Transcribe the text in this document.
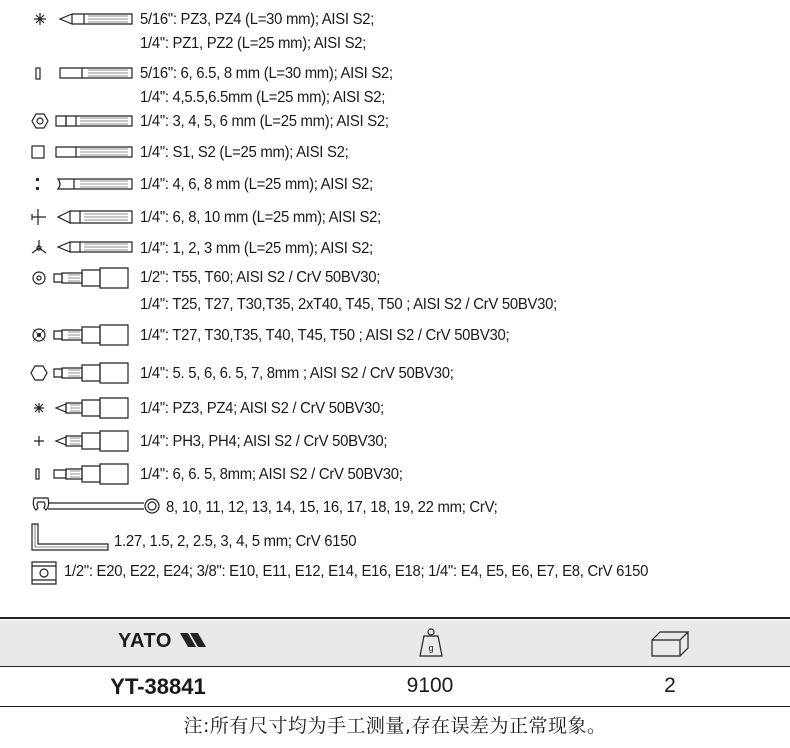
5/16": PZ3, PZ4 (L=30 mm); AISI S2;
1/4": PZ1, PZ2 (L=25 mm); AISI S2;
5/16": 6, 6.5, 8 mm (L=30 mm); AISI S2;
1/4": 4,5.5,6.5mm (L=25 mm); AISI S2;
1/4": 3, 4, 5, 6 mm (L=25 mm); AISI S2;
1/4": S1, S2 (L=25 mm); AISI S2;
1/4": 4, 6, 8 mm (L=25 mm); AISI S2;
1/4": 6, 8, 10 mm (L=25 mm); AISI S2;
1/4": 1, 2, 3 mm (L=25 mm); AISI S2;
1/2": T55, T60; AISI S2 / CrV 50BV30;
1/4": T25, T27, T30,T35, 2xT40, T45, T50 ; AISI S2 / CrV 50BV30;
1/4": T27, T30,T35, T40, T45, T50 ; AISI S2 / CrV 50BV30;
1/4": 5. 5, 6, 6. 5, 7, 8mm ; AISI S2 / CrV 50BV30;
1/4": PZ3, PZ4; AISI S2 / CrV 50BV30;
1/4": PH3, PH4; AISI S2 / CrV 50BV30;
1/4": 6, 6. 5, 8mm; AISI S2 / CrV 50BV30;
8, 10, 11, 12, 13, 14, 15, 16, 17, 18, 19, 22 mm; CrV;
1.27, 1.5, 2, 2.5, 3, 4, 5 mm; CrV 6150
1/2": E20, E22, E24; 3/8": E10, E11, E12, E14, E16, E18; 1/4": E4, E5, E6, E7, E8, CrV 6150
YATO	g
YT-38841	9100	2
注:所有尺寸均为手工测量,存在误差为正常现象。
